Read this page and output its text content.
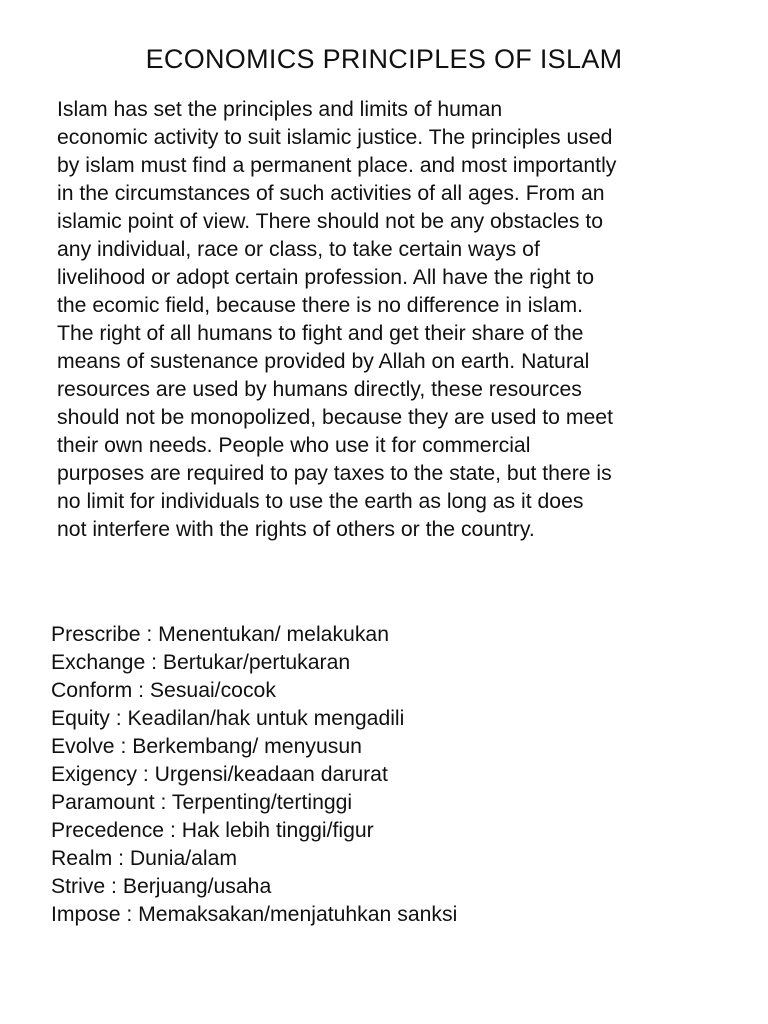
ECONOMICS PRINCIPLES OF ISLAM

Islam has set the principles and limits of human
economic activity to suit islamic justice. The principles used
by islam must find a permanent place. and most importantly
in the circumstances of such activities of all ages. From an
islamic point of view. There should not be any obstacles to
any individual, race or class, to take certain ways of
livelihood or adopt certain profession. All have the right to
the ecomic field, because there is no difference in islam.
The right of all humans to fight and get their share of the
means of sustenance provided by Allah on earth. Natural
resources are used by humans directly, these resources
should not be monopolized, because they are used to meet
their own needs. People who use it for commercial
purposes are required to pay taxes to the state, but there is
no limit for individuals to use the earth as long as it does
not interfere with the rights of others or the country.

Prescribe : Menentukan/ melakukan
Exchange : Bertukar/pertukaran
Conform : Sesuai/cocok
Equity : Keadilan/hak untuk mengadili
Evolve : Berkembang/ menyusun
Exigency : Urgensi/keadaan darurat
Paramount : Terpenting/tertinggi
Precedence : Hak lebih tinggi/figur
Realm : Dunia/alam
Strive : Berjuang/usaha
Impose : Memaksakan/menjatuhkan sanksi
